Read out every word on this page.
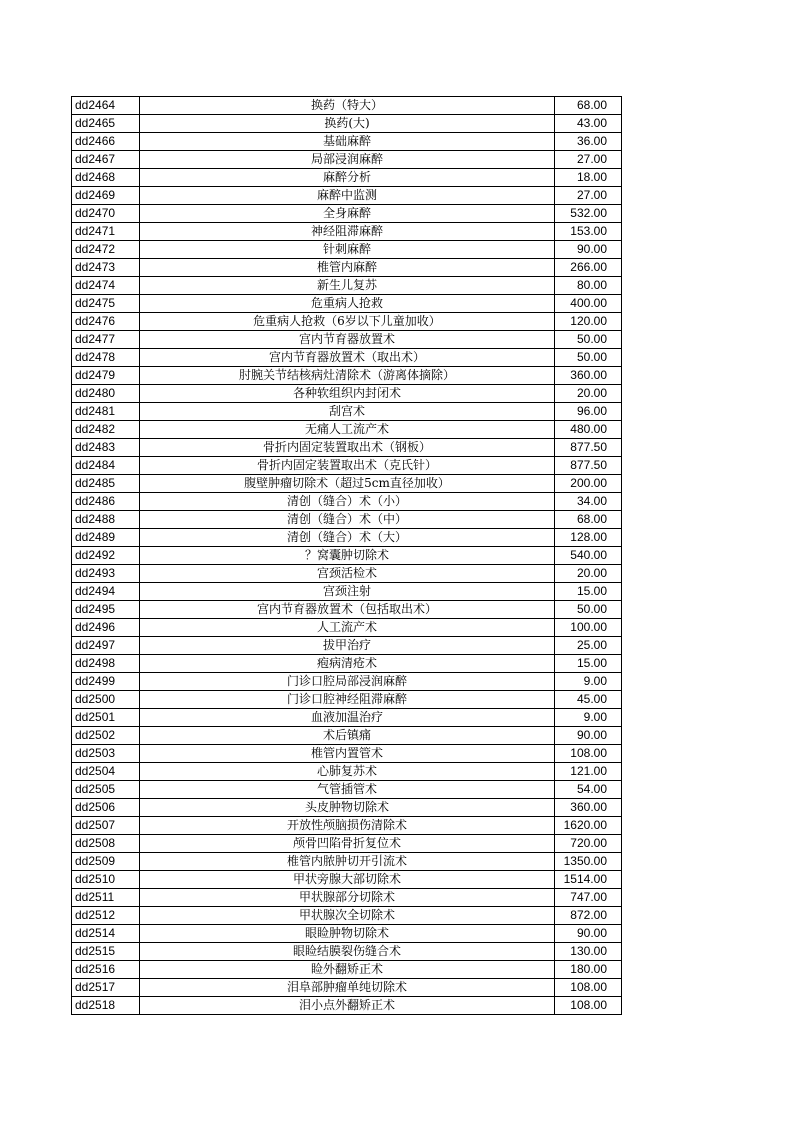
dd2464	换药（特大）	68.00
dd2465	换药(大)	43.00
dd2466	基础麻醉	36.00
dd2467	局部浸润麻醉	27.00
dd2468	麻醉分析	18.00
dd2469	麻醉中监测	27.00
dd2470	全身麻醉	532.00
dd2471	神经阻滞麻醉	153.00
dd2472	针刺麻醉	90.00
dd2473	椎管内麻醉	266.00
dd2474	新生儿复苏	80.00
dd2475	危重病人抢救	400.00
dd2476	危重病人抢救（6岁以下儿童加收）	120.00
dd2477	宫内节育器放置术	50.00
dd2478	宫内节育器放置术（取出术）	50.00
dd2479	肘腕关节结核病灶清除术（游离体摘除）	360.00
dd2480	各种软组织内封闭术	20.00
dd2481	刮宫术	96.00
dd2482	无痛人工流产术	480.00
dd2483	骨折内固定装置取出术（钢板）	877.50
dd2484	骨折内固定装置取出术（克氏针）	877.50
dd2485	腹壁肿瘤切除术（超过5cm直径加收）	200.00
dd2486	清创（缝合）术（小）	34.00
dd2488	清创（缝合）术（中）	68.00
dd2489	清创（缝合）术（大）	128.00
dd2492	？窝囊肿切除术	540.00
dd2493	宫颈活检术	20.00
dd2494	宫颈注射	15.00
dd2495	宫内节育器放置术（包括取出术）	50.00
dd2496	人工流产术	100.00
dd2497	拔甲治疗	25.00
dd2498	疱病清疮术	15.00
dd2499	门诊口腔局部浸润麻醉	9.00
dd2500	门诊口腔神经阻滞麻醉	45.00
dd2501	血液加温治疗	9.00
dd2502	术后镇痛	90.00
dd2503	椎管内置管术	108.00
dd2504	心肺复苏术	121.00
dd2505	气管插管术	54.00
dd2506	头皮肿物切除术	360.00
dd2507	开放性颅脑损伤清除术	1620.00
dd2508	颅骨凹陷骨折复位术	720.00
dd2509	椎管内脓肿切开引流术	1350.00
dd2510	甲状旁腺大部切除术	1514.00
dd2511	甲状腺部分切除术	747.00
dd2512	甲状腺次全切除术	872.00
dd2514	眼睑肿物切除术	90.00
dd2515	眼睑结膜裂伤缝合术	130.00
dd2516	睑外翻矫正术	180.00
dd2517	泪阜部肿瘤单纯切除术	108.00
dd2518	泪小点外翻矫正术	108.00
